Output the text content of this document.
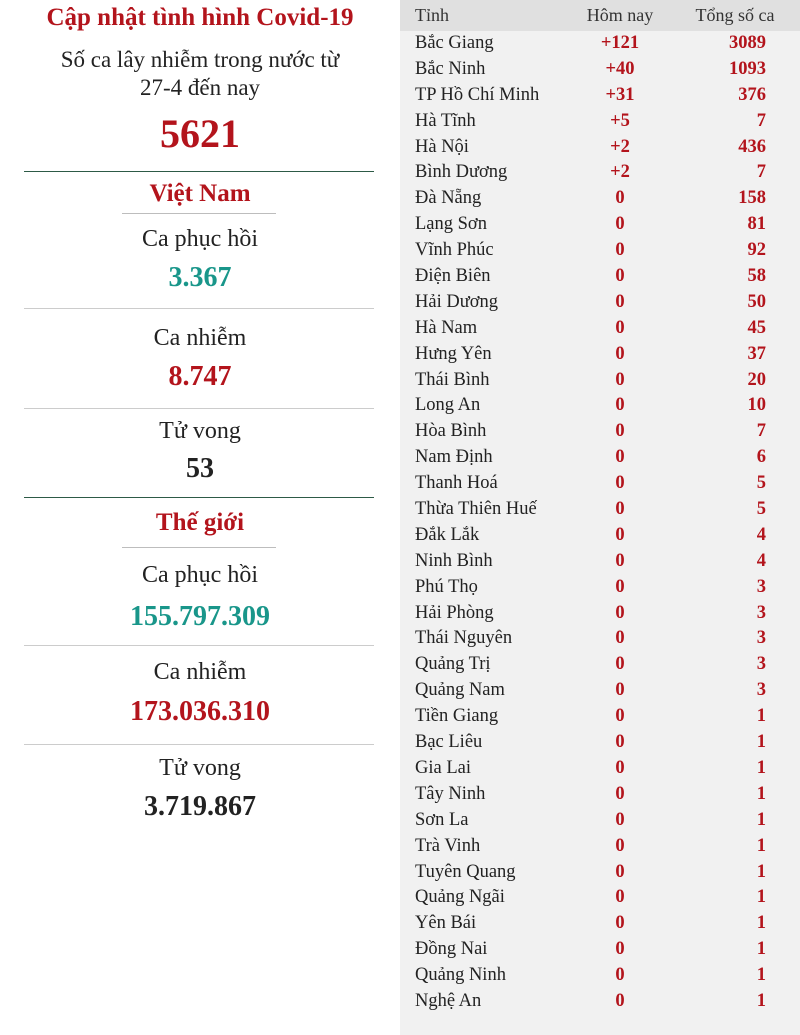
Cập nhật tình hình Covid-19
Số ca lây nhiễm trong nước từ
27-4 đến nay
5621
Việt Nam
Ca phục hồi
3.367
Ca nhiễm
8.747
Tử vong
53
Thế giới
Ca phục hồi
155.797.309
Ca nhiễm
173.036.310
Tử vong
3.719.867
Tỉnh	Hôm nay	Tổng số ca
Bắc Giang	+121	3089
Bắc Ninh	+40	1093
TP Hồ Chí Minh	+31	376
Hà Tĩnh	+5	7
Hà Nội	+2	436
Bình Dương	+2	7
Đà Nẵng	0	158
Lạng Sơn	0	81
Vĩnh Phúc	0	92
Điện Biên	0	58
Hải Dương	0	50
Hà Nam	0	45
Hưng Yên	0	37
Thái Bình	0	20
Long An	0	10
Hòa Bình	0	7
Nam Định	0	6
Thanh Hoá	0	5
Thừa Thiên Huế	0	5
Đắk Lắk	0	4
Ninh Bình	0	4
Phú Thọ	0	3
Hải Phòng	0	3
Thái Nguyên	0	3
Quảng Trị	0	3
Quảng Nam	0	3
Tiền Giang	0	1
Bạc Liêu	0	1
Gia Lai	0	1
Tây Ninh	0	1
Sơn La	0	1
Trà Vinh	0	1
Tuyên Quang	0	1
Quảng Ngãi	0	1
Yên Bái	0	1
Đồng Nai	0	1
Quảng Ninh	0	1
Nghệ An	0	1
